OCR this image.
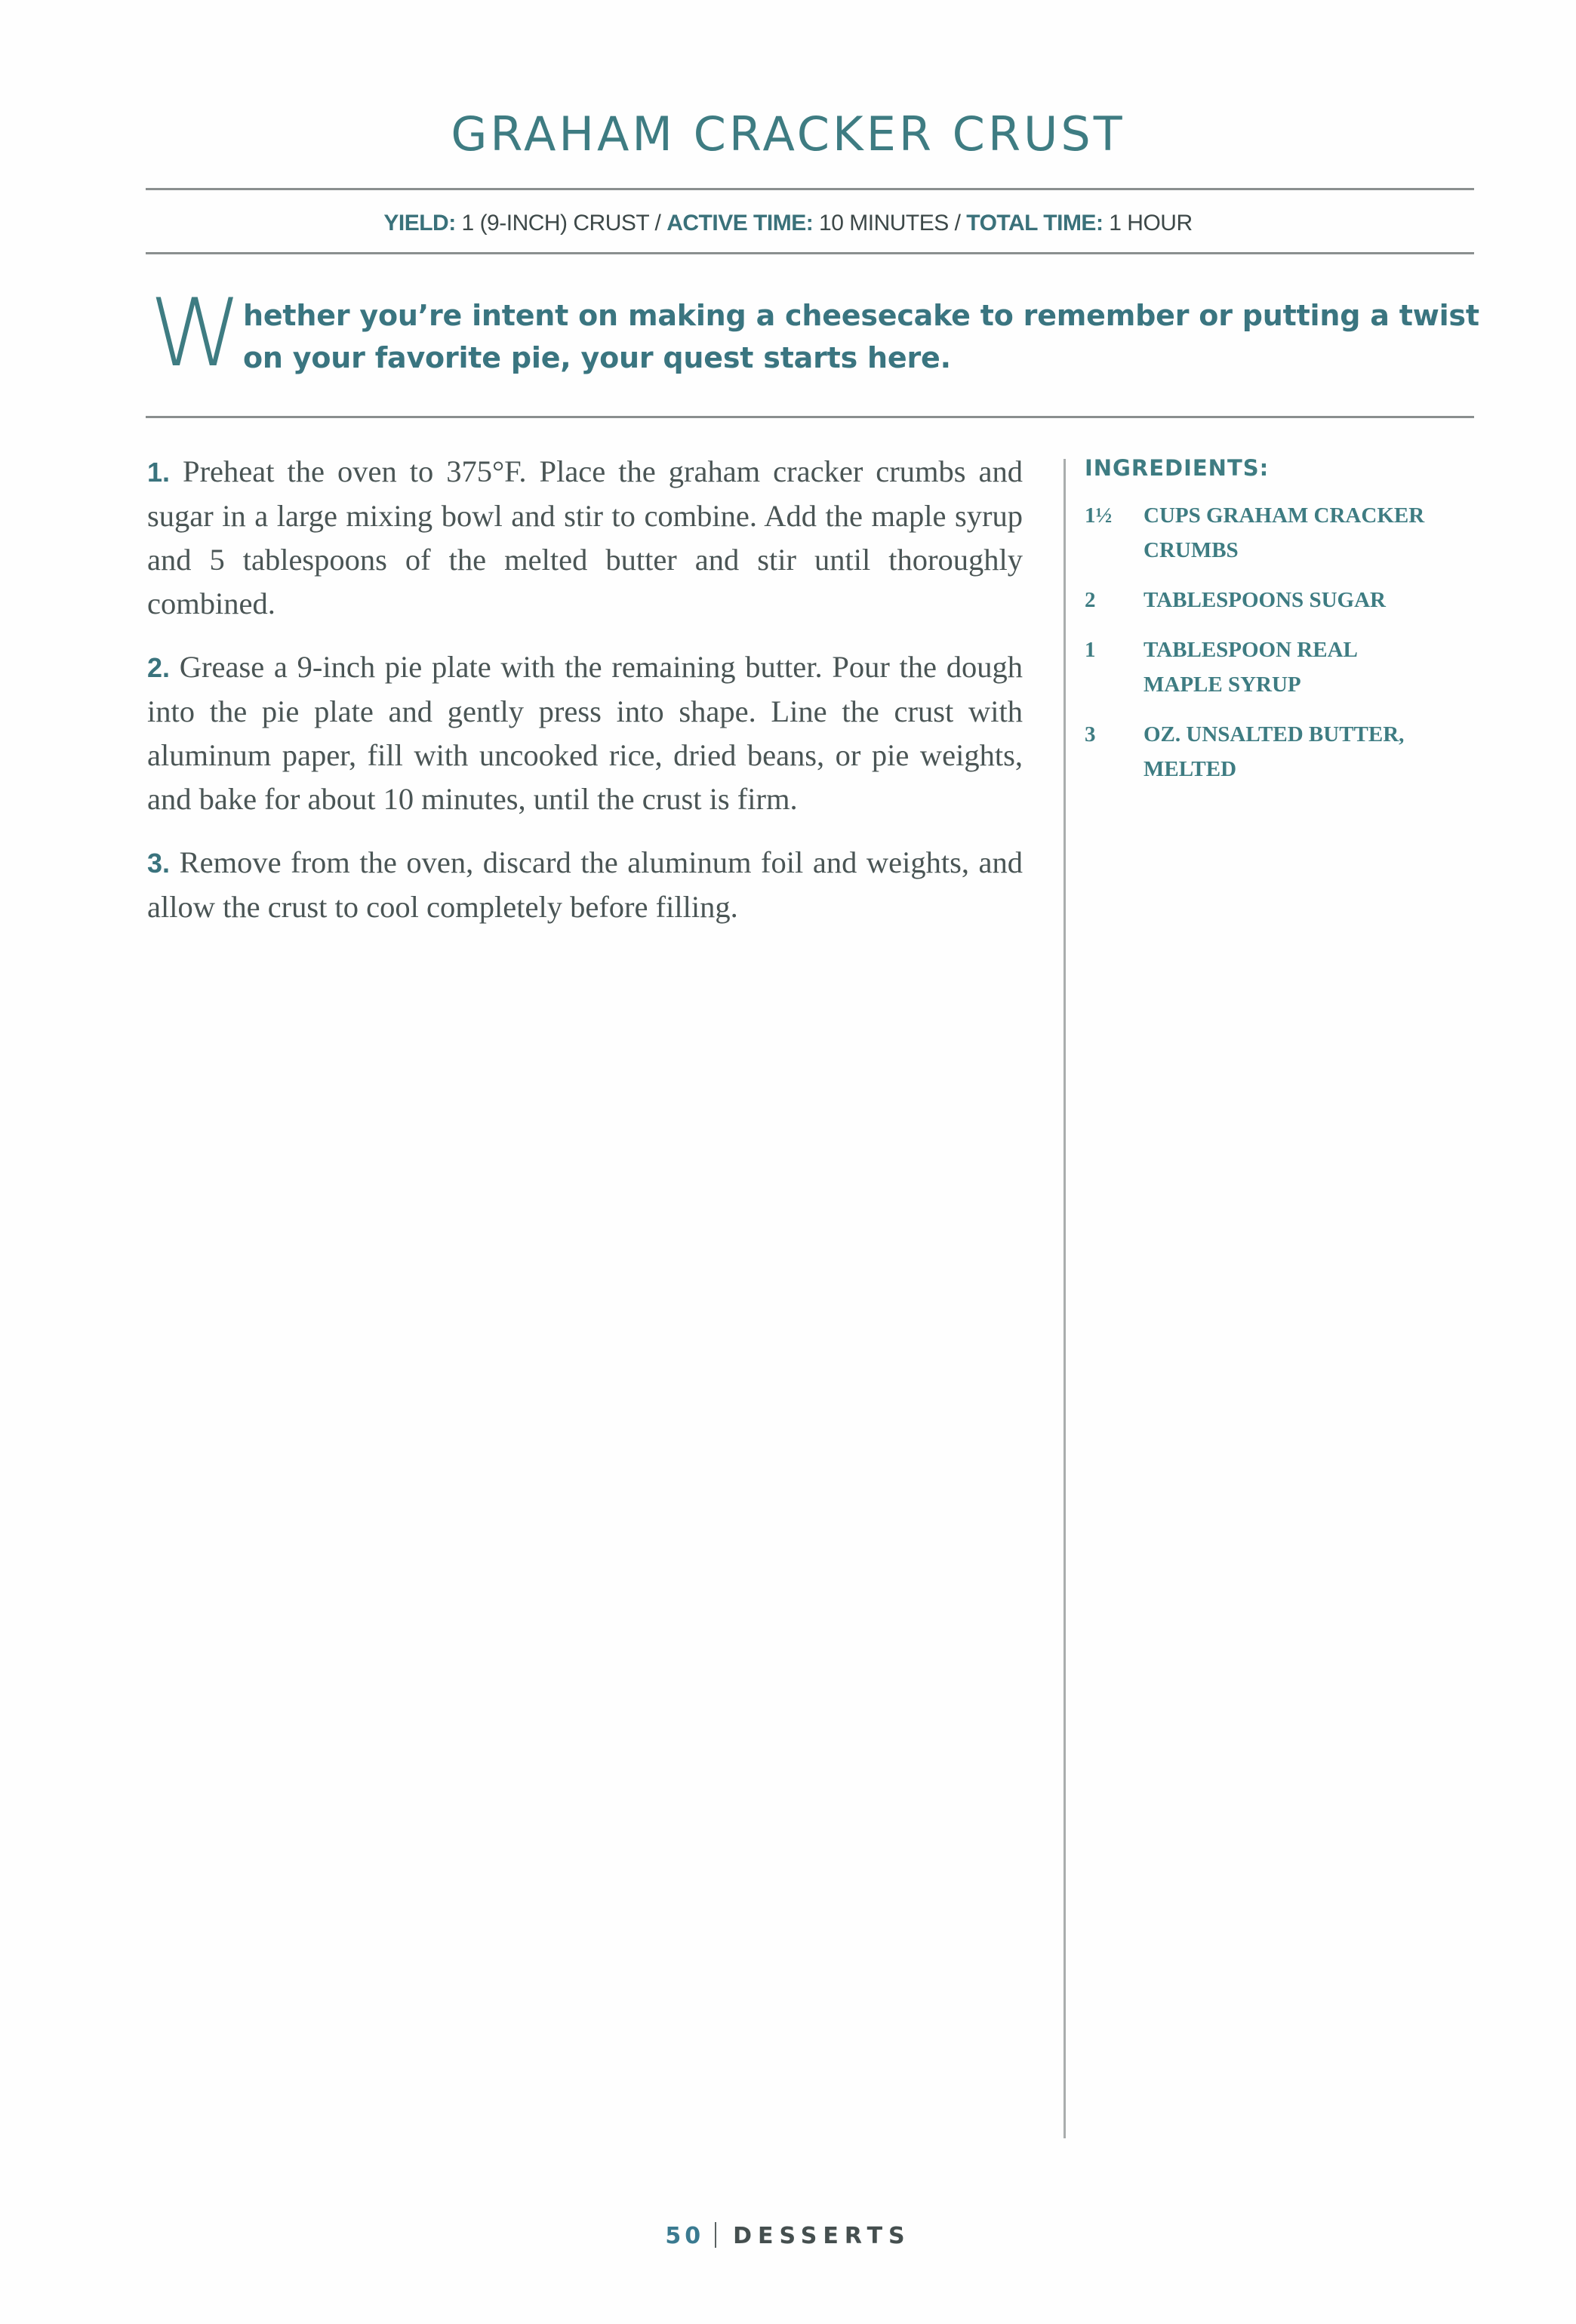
GRAHAM CRACKER CRUST
YIELD: 1 (9-INCH) CRUST / ACTIVE TIME: 10 MINUTES / TOTAL TIME: 1 HOUR
W hether you’re intent on making a cheesecake to remember or putting a twist on your favorite pie, your quest starts here.

1. Preheat the oven to 375°F. Place the graham cracker crumbs and sugar in a large mixing bowl and stir to combine. Add the maple syrup and 5 tablespoons of the melted butter and stir until thoroughly combined.

2. Grease a 9-inch pie plate with the remaining butter. Pour the dough into the pie plate and gently press into shape. Line the crust with aluminum paper, fill with uncooked rice, dried beans, or pie weights, and bake for about 10 minutes, until the crust is firm.

3. Remove from the oven, discard the aluminum foil and weights, and allow the crust to cool completely before filling.

INGREDIENTS:
1½	CUPS GRAHAM CRACKER CRUMBS
2	TABLESPOONS SUGAR
1	TABLESPOON REAL MAPLE SYRUP
3	OZ. UNSALTED BUTTER, MELTED
50 DESSERTS
